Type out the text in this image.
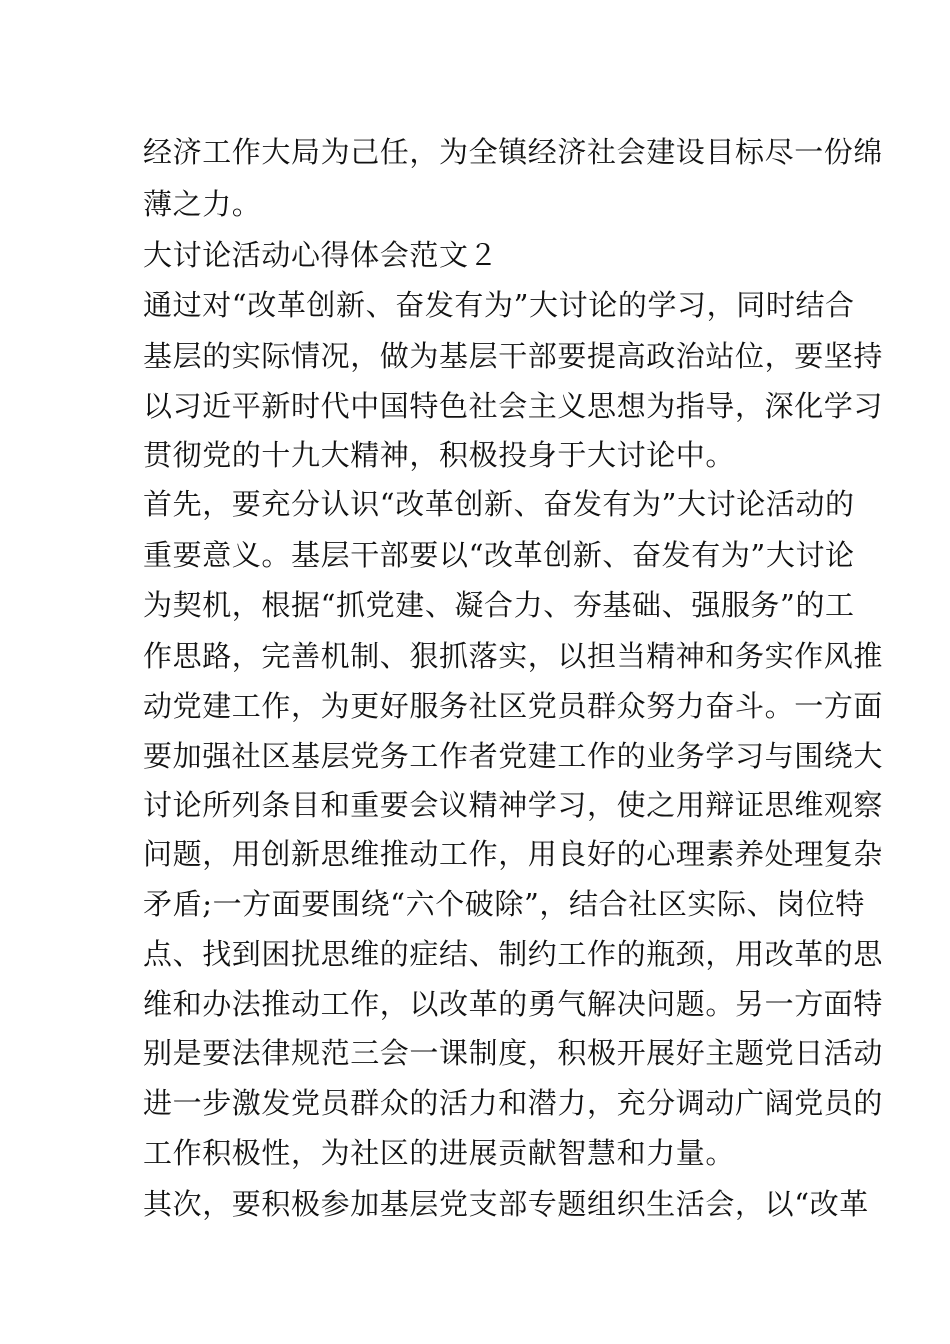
经济工作大局为己任，为全镇经济社会建设目标尽一份绵
薄之力。
大讨论活动心得体会范文２
通过对“改革创新、奋发有为”大讨论的学习，同时结合
基层的实际情况，做为基层干部要提高政治站位，要坚持
以习近平新时代中国特色社会主义思想为指导，深化学习
贯彻党的十九大精神，积极投身于大讨论中。
首先，要充分认识“改革创新、奋发有为”大讨论活动的
重要意义。基层干部要以“改革创新、奋发有为”大讨论
为契机，根据“抓党建、凝合力、夯基础、强服务”的工
作思路，完善机制、狠抓落实，以担当精神和务实作风推
动党建工作，为更好服务社区党员群众努力奋斗。一方面
要加强社区基层党务工作者党建工作的业务学习与围绕大
讨论所列条目和重要会议精神学习，使之用辩证思维观察
问题，用创新思维推动工作，用良好的心理素养处理复杂
矛盾;一方面要围绕“六个破除”，结合社区实际、岗位特
点、找到困扰思维的症结、制约工作的瓶颈，用改革的思
维和办法推动工作，以改革的勇气解决问题。另一方面特
别是要法律规范三会一课制度，积极开展好主题党日活动
进一步激发党员群众的活力和潜力，充分调动广阔党员的
工作积极性，为社区的进展贡献智慧和力量。
其次，要积极参加基层党支部专题组织生活会，以“改革
